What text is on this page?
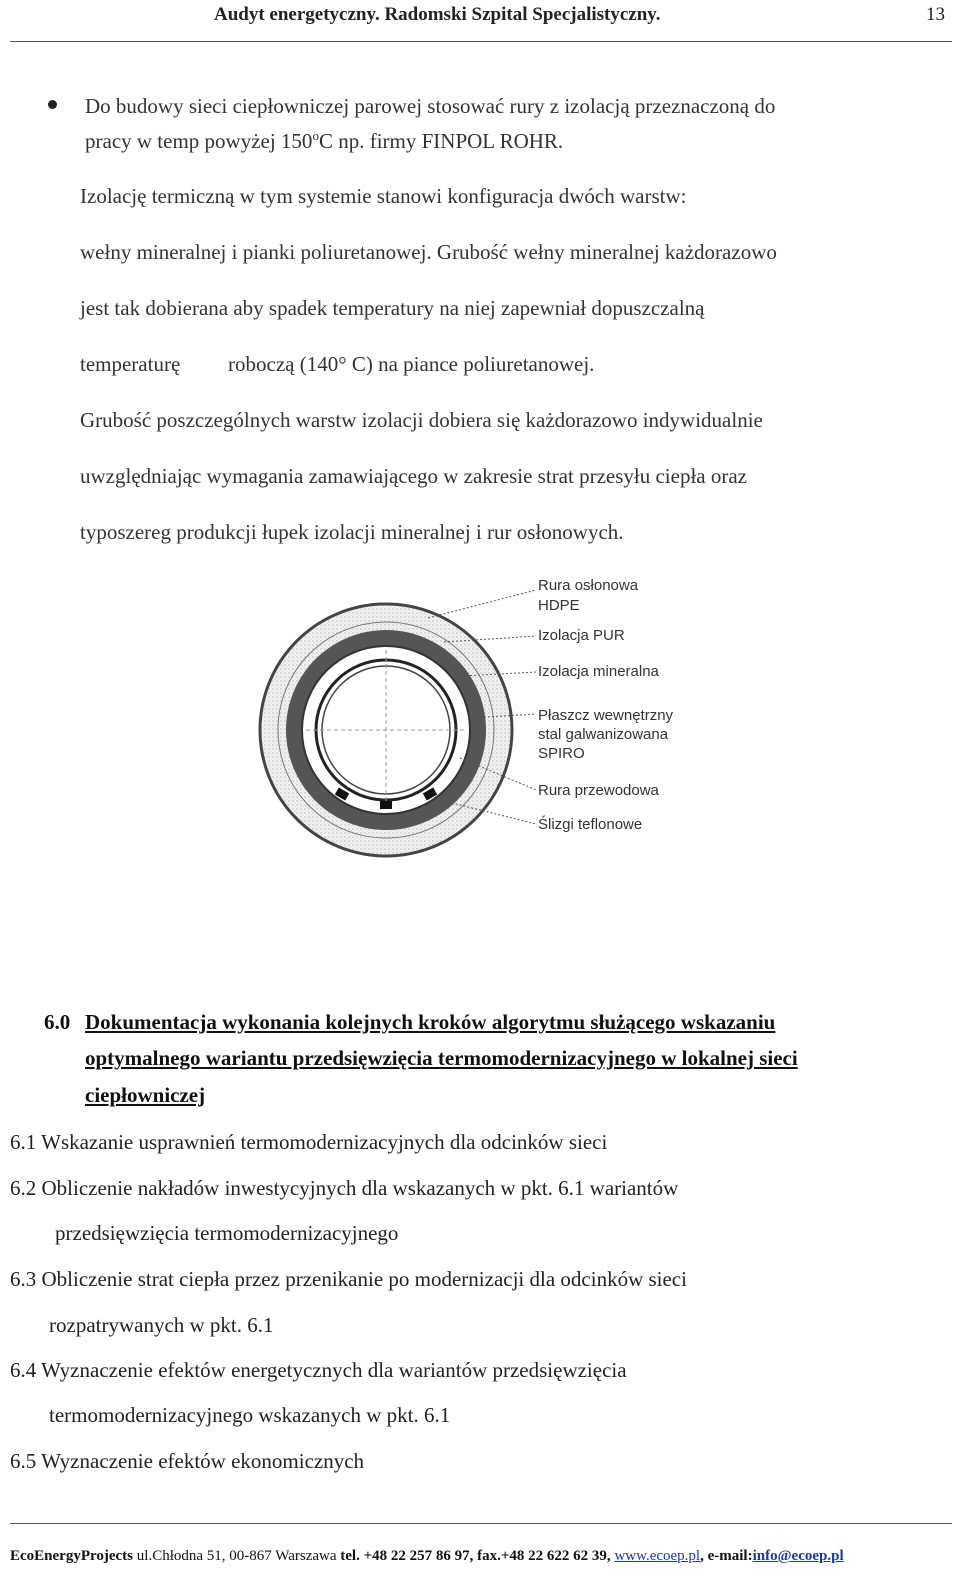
Audyt energetyczny. Radomski Szpital Specjalistyczny.	13
Do budowy sieci ciepłowniczej parowej stosować rury z izolacją przeznaczoną do
pracy w temp powyżej 150$^o$C np. firmy FINPOL ROHR.
Izolację termiczną w tym systemie stanowi konfiguracja dwóch warstw:
wełny mineralnej i pianki poliuretanowej. Grubość wełny mineralnej każdorazowo
jest tak dobierana aby spadek temperatury na niej zapewniał dopuszczalną
temperaturę roboczą (140° C) na piance poliuretanowej.
Grubość poszczególnych warstw izolacji dobiera się każdorazowo indywidualnie
uwzględniając wymagania zamawiającego w zakresie strat przesyłu ciepła oraz
typoszereg produkcji łupek izolacji mineralnej i rur osłonowych.
Rura osłonowa
HDPE
Izolacja PUR
Izolacja mineralna
Płaszcz wewnętrzny
stal galwanizowana
SPIRO
Rura przewodowa
Ślizgi teflonowe
6.0 Dokumentacja wykonania kolejnych kroków algorytmu służącego wskazaniu
optymalnego wariantu przedsięwzięcia termomodernizacyjnego w lokalnej sieci
ciepłowniczej
6.1 Wskazanie usprawnień termomodernizacyjnych dla odcinków sieci
6.2 Obliczenie nakładów inwestycyjnych dla wskazanych w pkt. 6.1 wariantów
przedsięwzięcia termomodernizacyjnego
6.3 Obliczenie strat ciepła przez przenikanie po modernizacji dla odcinków sieci
rozpatrywanych w pkt. 6.1
6.4 Wyznaczenie efektów energetycznych dla wariantów przedsięwzięcia
termomodernizacyjnego wskazanych w pkt. 6.1
6.5 Wyznaczenie efektów ekonomicznych
EcoEnergyProjects ul.Chłodna 51, 00-867 Warszawa tel. +48 22 257 86 97, fax.+48 22 622 62 39, www.ecoep.pl, e-mail:info@ecoep.pl
